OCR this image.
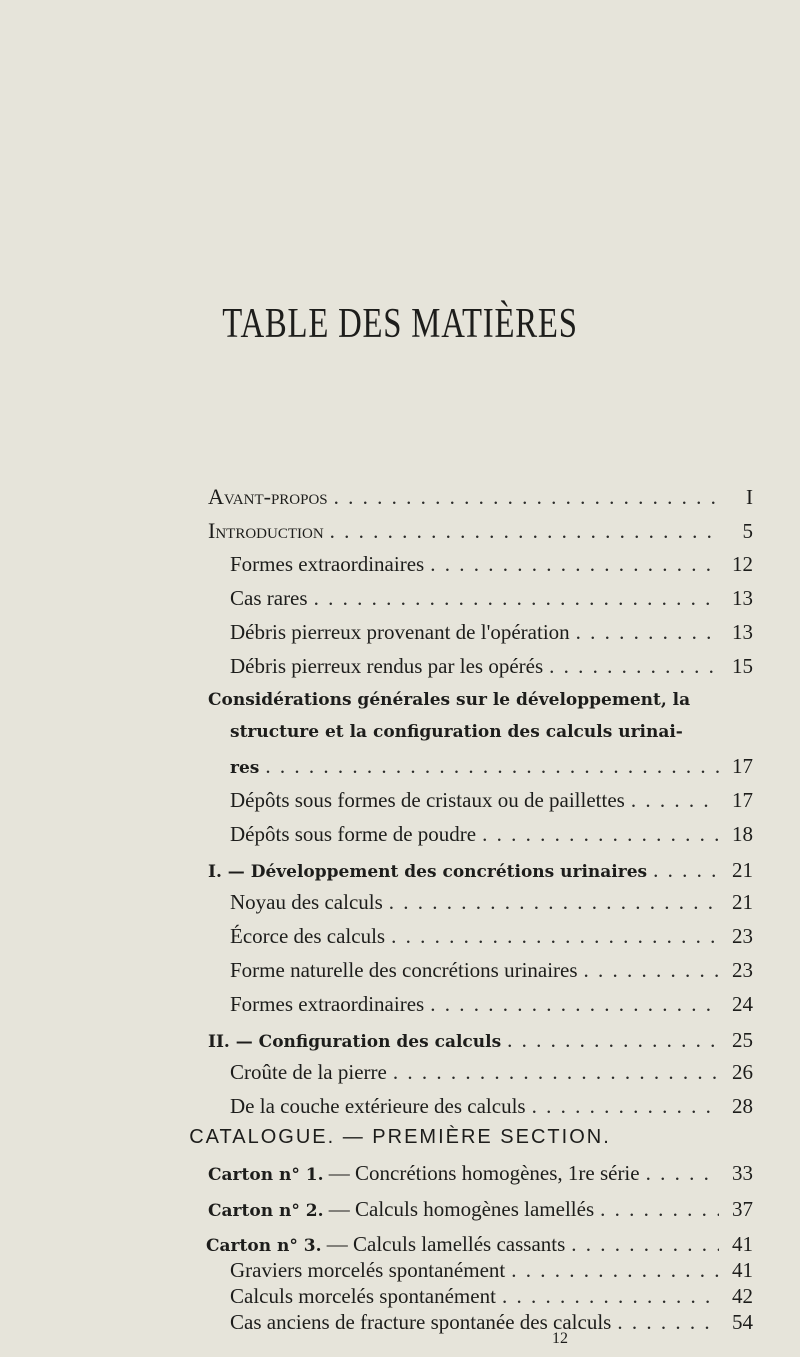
TABLE DES MATIÈRES
Avant-propos . . .	I
Introduction . . .	5
Formes extraordinaires . . .	12
Cas rares . . .	13
Débris pierreux provenant de l'opération . . .	13
Débris pierreux rendus par les opérés . . .	15
Considérations générales sur le développement, la
structure et la configuration des calculs urinai-
res . . .	17
Dépôts sous formes de cristaux ou de paillettes . . .	17
Dépôts sous forme de poudre . . .	18
I. — Développement des concrétions urinaires . . .	21
Noyau des calculs . . .	21
Écorce des calculs . . .	23
Forme naturelle des concrétions urinaires . . .	23
Formes extraordinaires . . .	24
II. — Configuration des calculs . . .	25
Croûte de la pierre . . .	26
De la couche extérieure des calculs . . .	28
CATALOGUE. — PREMIÈRE SECTION.
Carton n° 1. — Concrétions homogènes, 1re série . . .	33
Carton n° 2. — Calculs homogènes lamellés . . .	37
Carton n° 3. — Calculs lamellés cassants . . .	41
Graviers morcelés spontanément . . .	41
Calculs morcelés spontanément . . .	42
Cas anciens de fracture spontanée des calculs . . .	54
12
